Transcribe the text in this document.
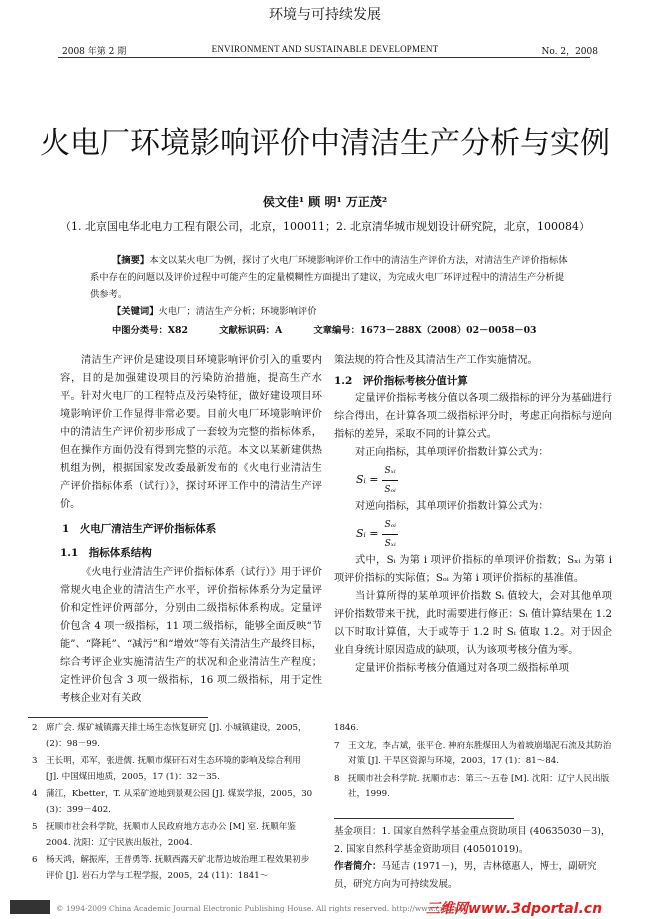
环境与可持续发展
2008 年第 2 期	ENVIRONMENT AND SUSTAINABLE DEVELOPMENT	No. 2，2008
火电厂环境影响评价中清洁生产分析与实例
侯文佳¹ 顾 明¹ 万正茂²
（1. 北京国电华北电力工程有限公司，北京，100011；2. 北京清华城市规划设计研究院，北京，100084）
【摘要】本文以某火电厂为例，探讨了火电厂环境影响评价工作中的清洁生产评价方法，对清洁生产评价指标体系中存在的问题以及评价过程中可能产生的定量模糊性方面提出了建议，为完成火电厂环评过程中的清洁生产分析提供参考。
【关键词】火电厂；清洁生产分析；环境影响评价
中图分类号：X82	文献标识码：A	文章编号：1673－288X（2008）02－0058－03

清洁生产评价是建设项目环境影响评价引入的重要内容，目的是加强建设项目的污染防治措施，提高生产水平。针对火电厂的工程特点及污染特征，做好建设项目环境影响评价工作显得非常必要。目前火电厂环境影响评价中的清洁生产评价初步形成了一套较为完整的指标体系，但在操作方面仍没有得到完整的示范。本文以某新建供热机组为例，根据国家发改委最新发布的《火电行业清洁生产评价指标体系（试行）》，探讨环评工作中的清洁生产评价。

1　火电厂清洁生产评价指标体系

1.1　指标体系结构

《火电行业清洁生产评价指标体系（试行）》用于评价常规火电企业的清洁生产水平，评价指标体系分为定量评价和定性评价两部分，分别由二级指标体系构成。定量评价包含 4 项一级指标，11 项二级指标，能够全面反映“节能”、“降耗”、“减污”和“增效”等有关清洁生产最终目标，综合考评企业实施清洁生产的状况和企业清洁生产程度；定性评价包含 3 项一级指标，16 项二级指标，用于定性考核企业对有关政

策法规的符合性及其清洁生产工作实施情况。

1.2　评价指标考核分值计算

定量评价指标考核分值以各项二级指标的评分为基础进行综合得出，在计算各项二级指标评分时，考虑正向指标与逆向指标的差异，采取不同的计算公式。

对正向指标，其单项评价指数计算公式为：

Sᵢ = $\frac{\text{Sₓᵢ}}{\text{Sₒᵢ}}$

对逆向指标，其单项评价指数计算公式为：

Sᵢ = $\frac{\text{Sₒᵢ}}{\text{Sₓᵢ}}$

式中，Sᵢ 为第 i 项评价指标的单项评价指数；Sₓᵢ 为第 i 项评价指标的实际值；Sₒᵢ 为第 i 项评价指标的基准值。

当计算所得的某单项评价指数 Sᵢ 值较大，会对其他单项评价指数带来干扰，此时需要进行修正：Sᵢ 值计算结果在 1.2 以下时取计算值，大于或等于 1.2 时 Sᵢ 值取 1.2。对于因企业自身统计原因造成的缺项，认为该项考核分值为零。

定量评价指标考核分值通过对各项二级指标单项

2　席广会. 煤矿城镇露天排土场生态恢复研究 [J]. 小城镇建设，2005，(2)：98－99.

3　王长明，邓军，张进儒. 抚顺市煤矸石对生态环境的影响及综合利用 [J]. 中国煤田地质，2005，17 (1)：32－35.

4　蒲江，Kbetter，T. 从采矿迹地到景观公园 [J]. 煤炭学报，2005，30 (3)：399－402.

5　抚顺市社会科学院，抚顺市人民政府地方志办公 [M] 室. 抚顺年鉴 2004. 沈阳：辽宁民族出版社，2004.

6　杨天鸿，解振库，王普勇等. 抚顺西露天矿北帮边坡治理工程效果初步评价 [J]. 岩石力学与工程学报，2005，24 (11)：1841～

1846.

7　王文龙，李占斌，张平仓. 神府东胜煤田人为着坡崩塌泥石流及其防治对策 [J]. 干旱区资源与环境，2003，17 (1)：81～84.

8　抚顺市社会科学院. 抚顺市志：第三～五卷 [M]. 沈阳：辽宁人民出版社，1999.

基金项目：1. 国家自然科学基金重点资助项目 (40635030－3)，2. 国家自然科学基金资助项目 (40501019)。

作者简介：马延吉 (1971－)，男，吉林德惠人，博士，副研究员，研究方向为可持续发展。

© 1994-2009 China Academic Journal Electronic Publishing House. All rights reserved. http://www.cnki.net
三维网www.3dportal.cn
